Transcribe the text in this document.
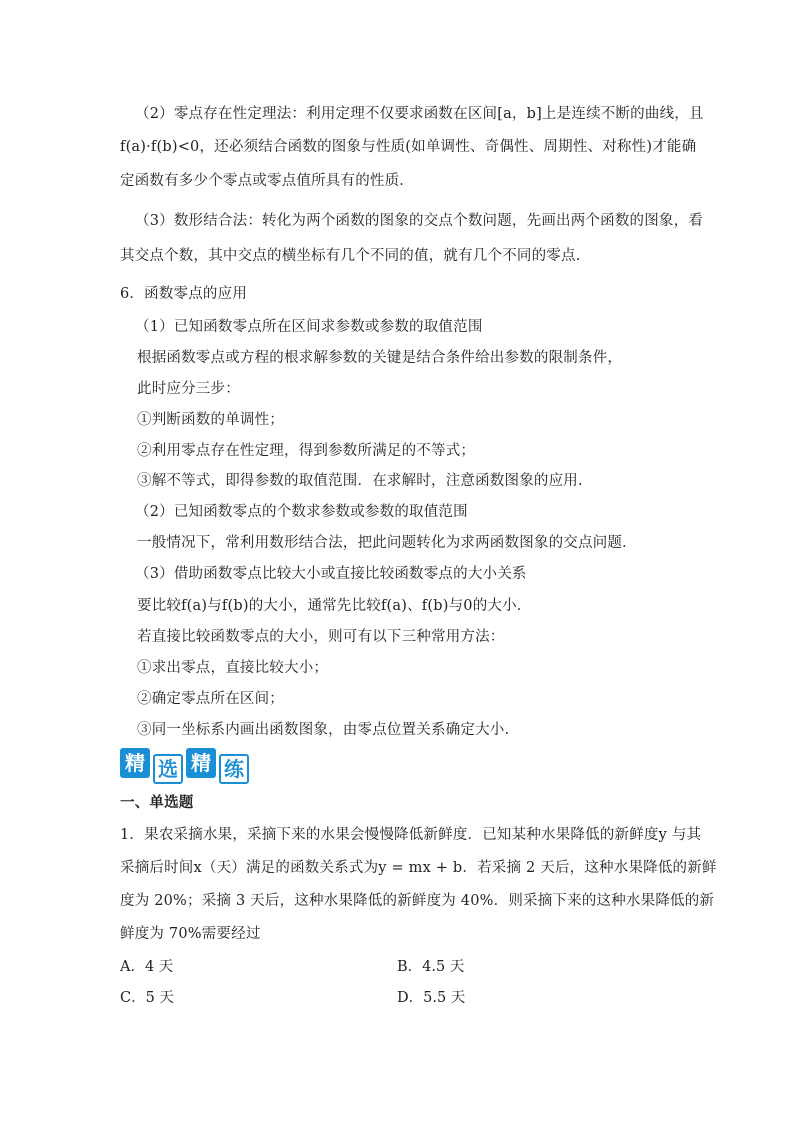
（2）零点存在性定理法：利用定理不仅要求函数在区间[a，b]上是连续不断的曲线，且
f(a)·f(b)<0，还必须结合函数的图象与性质(如单调性、奇偶性、周期性、对称性)才能确
定函数有多少个零点或零点值所具有的性质．
（3）数形结合法：转化为两个函数的图象的交点个数问题，先画出两个函数的图象，看
其交点个数，其中交点的横坐标有几个不同的值，就有几个不同的零点.
6．函数零点的应用
（1）已知函数零点所在区间求参数或参数的取值范围
根据函数零点或方程的根求解参数的关键是结合条件给出参数的限制条件，
此时应分三步：
①判断函数的单调性；
②利用零点存在性定理，得到参数所满足的不等式；
③解不等式，即得参数的取值范围．在求解时，注意函数图象的应用.
（2）已知函数零点的个数求参数或参数的取值范围
一般情况下，常利用数形结合法，把此问题转化为求两函数图象的交点问题．
（3）借助函数零点比较大小或直接比较函数零点的大小关系
要比较f(a)与f(b)的大小，通常先比较f(a)、f(b)与0的大小．
若直接比较函数零点的大小，则可有以下三种常用方法：
①求出零点，直接比较大小；
②确定零点所在区间；
③同一坐标系内画出函数图象，由零点位置关系确定大小.
精 选 精 练
一、单选题
1．果农采摘水果，采摘下来的水果会慢慢降低新鲜度．已知某种水果降低的新鲜度y 与其
采摘后时间x（天）满足的函数关系式为y = mx + b．若采摘 2 天后，这种水果降低的新鲜
度为 20%；采摘 3 天后，这种水果降低的新鲜度为 40%．则采摘下来的这种水果降低的新
鲜度为 70%需要经过
A．4 天	B．4.5 天
C．5 天	D．5.5 天
